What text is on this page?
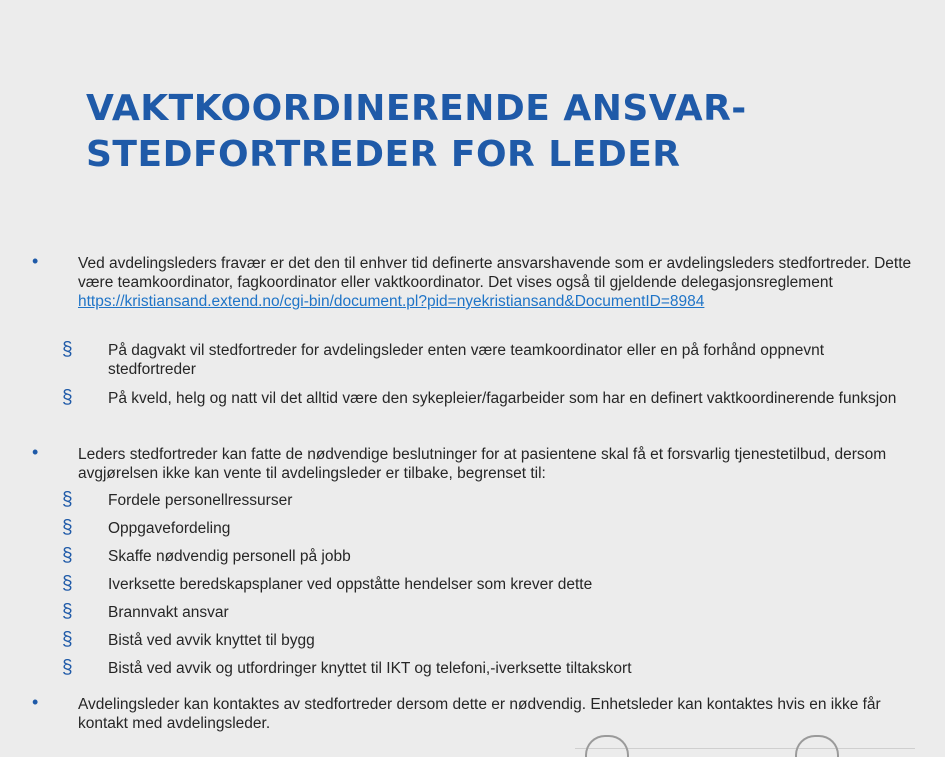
VAKTKOORDINERENDE ANSVAR-
STEDFORTREDER FOR LEDER
•	Ved avdelingsleders fravær er det den til enhver tid definerte ansvarshavende som er avdelingsleders stedfortreder. Dette være teamkoordinator, fagkoordinator eller vaktkoordinator. Det vises også til gjeldende delegasjonsreglement https://kristiansand.extend.no/cgi-bin/document.pl?pid=nyekristiansand&DocumentID=8984
§ På dagvakt vil stedfortreder for avdelingsleder enten være teamkoordinator eller en på forhånd oppnevnt stedfortreder
§ På kveld, helg og natt vil det alltid være den sykepleier/fagarbeider som har en definert vaktkoordinerende funksjon
•	Leders stedfortreder kan fatte de nødvendige beslutninger for at pasientene skal få et forsvarlig tjenestetilbud, dersom avgjørelsen ikke kan vente til avdelingsleder er tilbake, begrenset til:
§ Fordele personellressurser
§ Oppgavefordeling
§ Skaffe nødvendig personell på jobb
§ Iverksette beredskapsplaner ved oppståtte hendelser som krever dette
§ Brannvakt ansvar
§ Bistå ved avvik knyttet til bygg
§ Bistå ved avvik og utfordringer knyttet til IKT og telefoni,-iverksette tiltakskort
•	Avdelingsleder kan kontaktes av stedfortreder dersom dette er nødvendig. Enhetsleder kan kontaktes hvis en ikke får kontakt med avdelingsleder.
